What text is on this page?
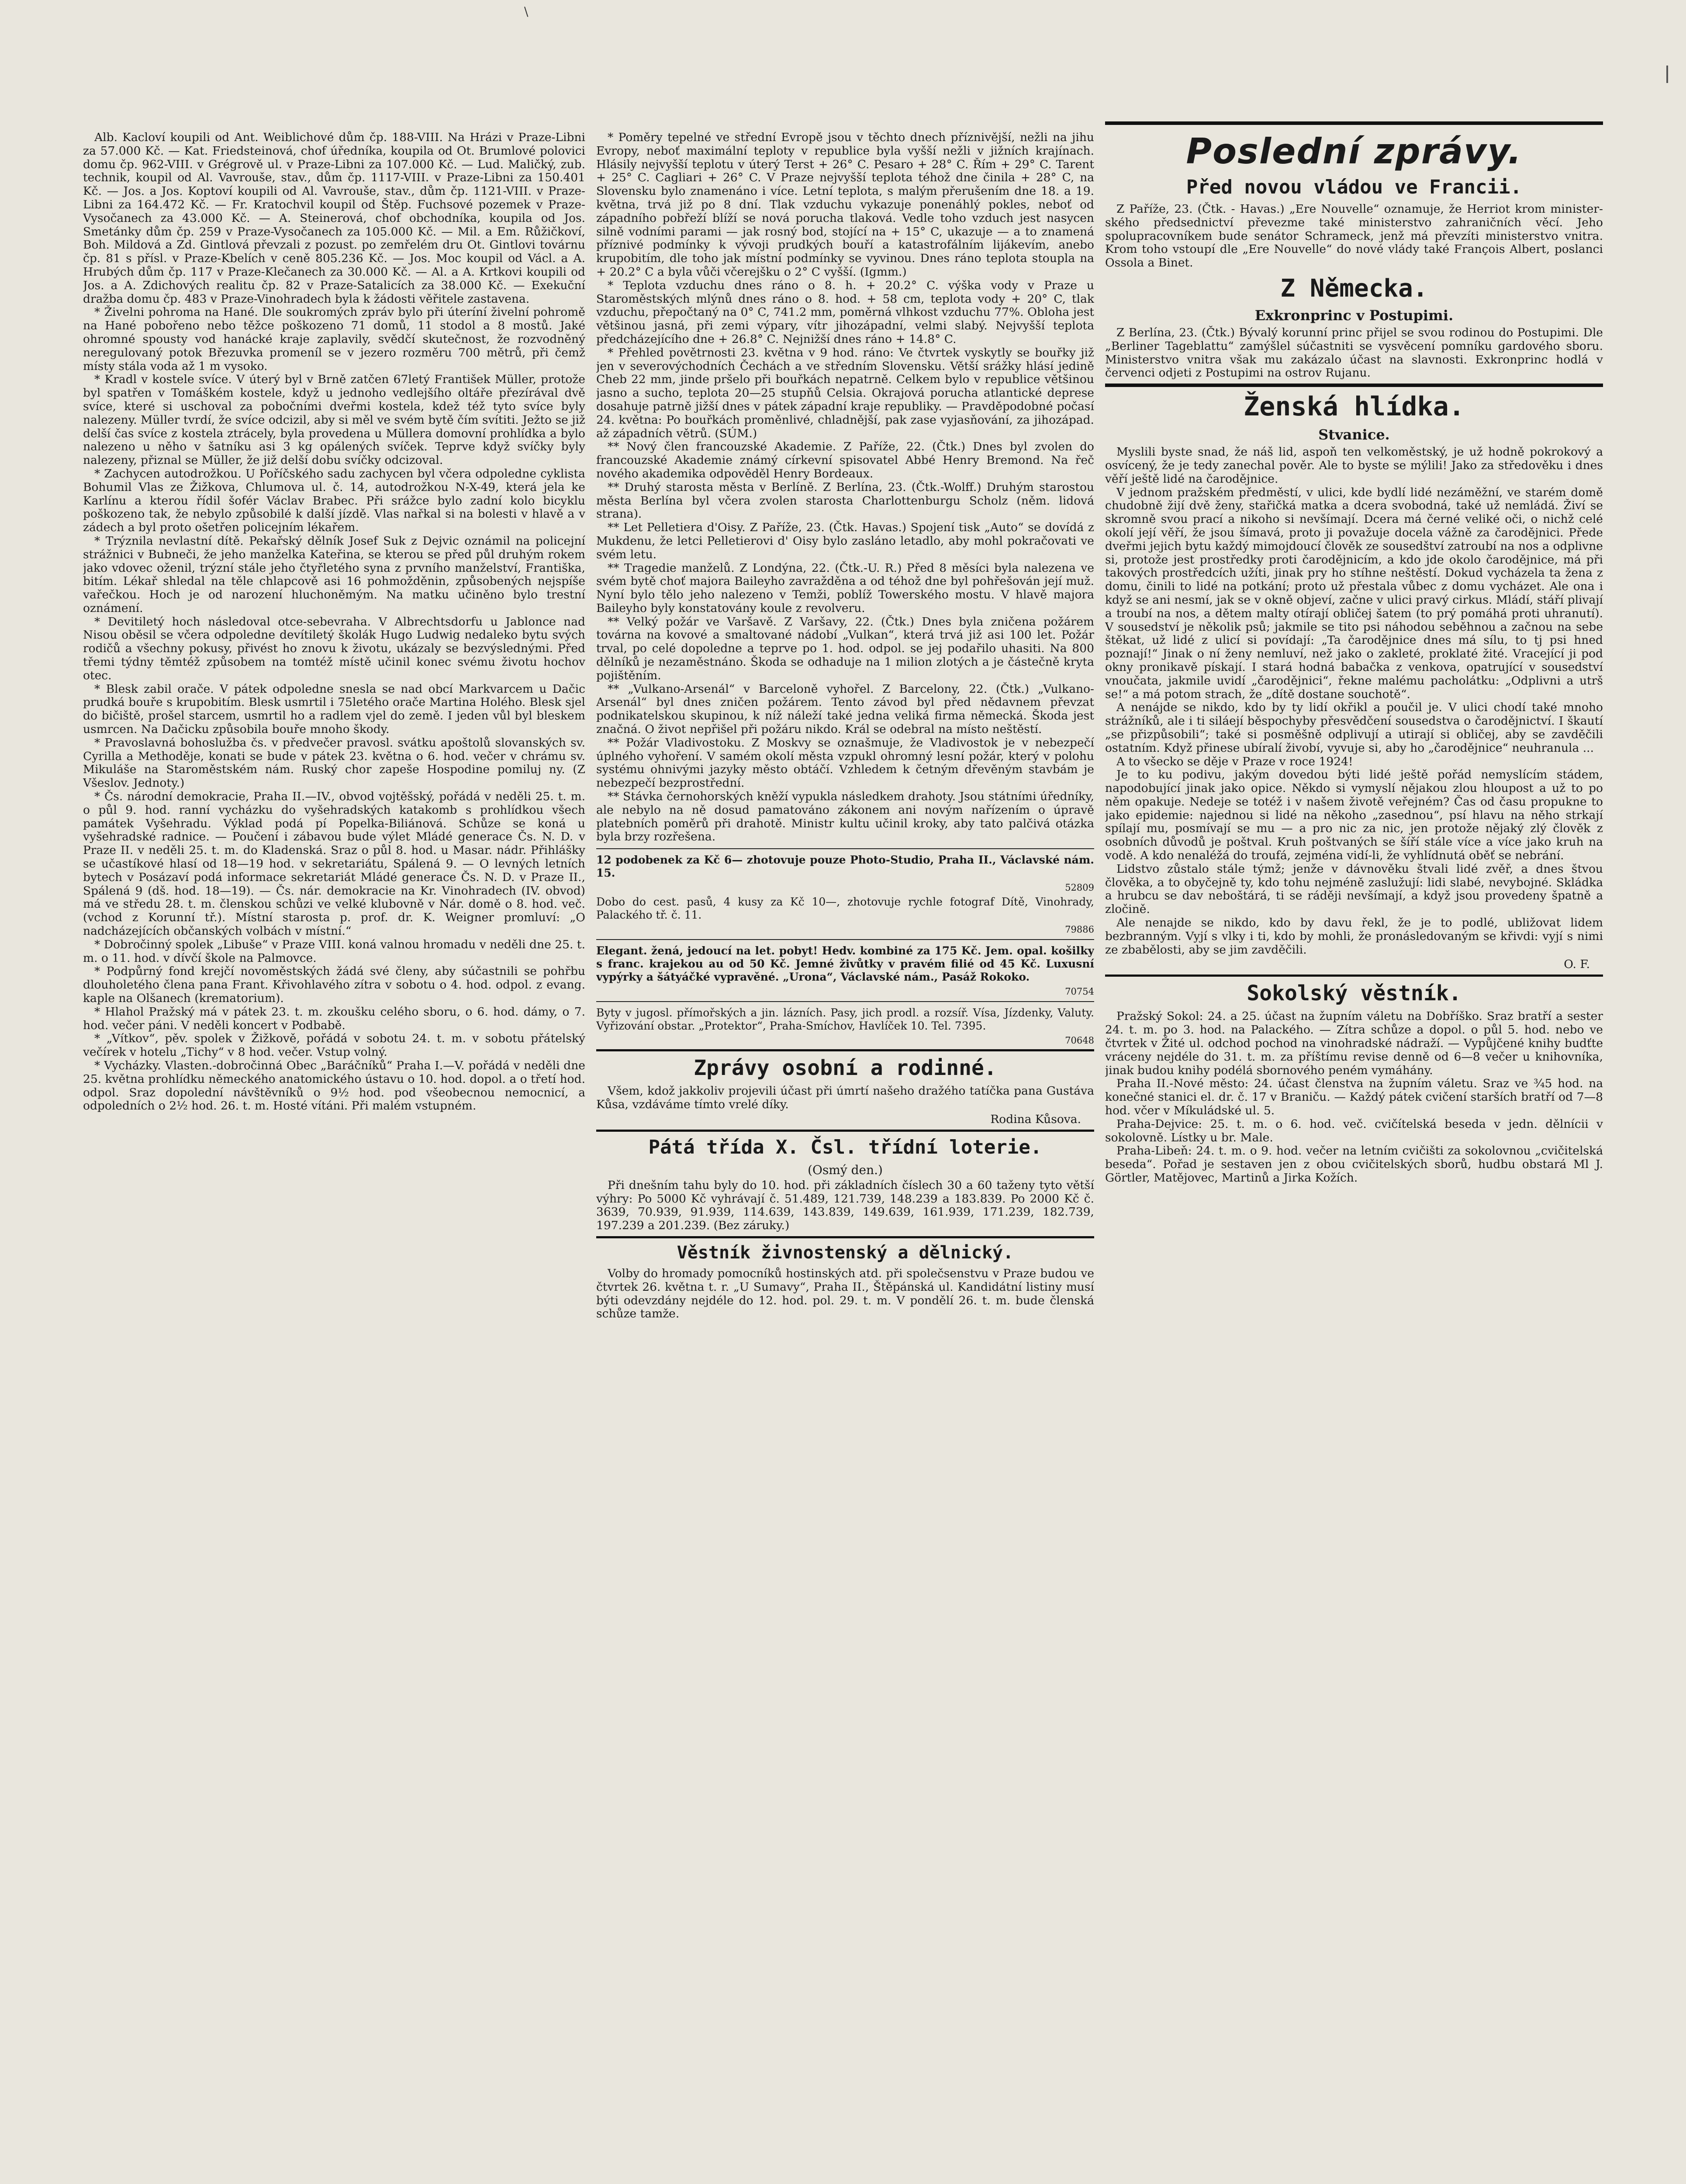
\

Alb. Kacloví koupili od Ant. Weiblichové dům čp. 188-VIII. Na Hrázi v Praze-Libni za 57.000 Kč. — Kat. Friedsteinová, chof úředníka, koupila od Ot. Brumlové polovici domu čp. 962-VIII. v Grégrově ul. v Praze-Libni za 107.000 Kč. — Lud. Maličký, zub. technik, koupil od Al. Vavrouše, stav., dům čp. 1117-VIII. v Praze-Libni za 150.401 Kč. — Jos. a Jos. Koptoví koupili od Al. Vavrouše, stav., dům čp. 1121-VIII. v Praze-Libni za 164.472 Kč. — Fr. Kratochvil koupil od Štěp. Fuchsové pozemek v Praze-Vysočanech za 43.000 Kč. — A. Steinerová, chof obchodníka, koupila od Jos. Smetánky dům čp. 259 v Praze-Vysočanech za 105.000 Kč. — Mil. a Em. Růžičkoví, Boh. Mildová a Zd. Gintlová převzali z pozust. po zemřelém dru Ot. Gintlovi továrnu čp. 81 s přísl. v Praze-Kbelích v ceně 805.236 Kč. — Jos. Moc koupil od Václ. a A. Hrubých dům čp. 117 v Praze-Klečanech za 30.000 Kč. — Al. a A. Krtkovi koupili od Jos. a A. Zdichových realitu čp. 82 v Praze-Satalicích za 38.000 Kč. — Exekuční dražba domu čp. 483 v Praze-Vinohradech byla k žádosti věřitele zastavena.

* Živelni pohroma na Hané. Dle soukromých zpráv bylo při úteríní živelní pohromě na Hané pobořeno nebo těžce poškozeno 71 domů, 11 stodol a 8 mostů. Jaké ohromné spousty vod hanácké kraje zaplavily, svědčí skutečnost, že rozvodněný neregulovaný potok Březuvka promeníl se v jezero rozměru 700 mětrů, při čemž místy stála voda až 1 m vysoko.

* Kradl v kostele svíce. V úterý byl v Brně zatčen 67letý František Müller, protože byl spatřen v Tomáškém kostele, když u jednoho vedlejšího oltáře přezírával dvě svíce, které si uschoval za pobočními dveřmi kostela, kdež též tyto svíce byly nalezeny. Müller tvrdí, že svíce odcizil, aby si měl ve svém bytě čím svítiti. Ježto se již delší čas svíce z kostela ztrácely, byla provedena u Müllera domovní prohlídka a bylo nalezeno u něho v šatníku asi 3 kg opálených svíček. Teprve když svíčky byly nalezeny, přiznal se Müller, že již delší dobu svíčky odcizoval.

* Zachycen autodrožkou. U Poříčského sadu zachycen byl včera odpoledne cyklista Bohumil Vlas ze Žižkova, Chlumova ul. č. 14, autodrožkou N-X-49, která jela ke Karlínu a kterou řídil šofér Václav Brabec. Při srážce bylo zadní kolo bicyklu poškozeno tak, že nebylo způsobilé k další jízdě. Vlas nařkal si na bolesti v hlavě a v zádech a byl proto ošetřen policejním lékařem.

* Trýznila nevlastní dítě. Pekařský dělník Josef Suk z Dejvic oznámil na policejní strážnici v Bubneči, že jeho manželka Kateřina, se kterou se před půl druhým rokem jako vdovec oženil, trýzní stále jeho čtyřletého syna z prvního manželství, Františka, bitím. Lékař shledal na těle chlapcově asi 16 pohmožděnin, způsobených nejspíše vařečkou. Hoch je od narození hluchoněmým. Na matku učiněno bylo trestní oznámení.

* Devitiletý hoch následoval otce-sebevraha. V Albrechtsdorfu u Jablonce nad Nisou oběsil se včera odpoledne devítiletý školák Hugo Ludwig nedaleko bytu svých rodičů a všechny pokusy, přivést ho znovu k životu, ukázaly se bezvýslednými. Před třemi týdny těmtéž způsobem na tomtéž místě učinil konec svému životu hochov otec.

* Blesk zabil orače. V pátek odpoledne snesla se nad obcí Markvarcem u Dačic prudká bouře s krupobitím. Blesk usmrtil i 75letého orače Martina Holého. Blesk sjel do bičiště, prošel starcem, usmrtil ho a radlem vjel do země. I jeden vůl byl bleskem usmrcen. Na Dačicku způsobila bouře mnoho škody.

* Pravoslavná bohoslužba čs. v předvečer pravosl. svátku apoštolů slovanských sv. Cyrilla a Methoděje, konati se bude v pátek 23. května o 6. hod. večer v chrámu sv. Mikuláše na Staroměstském nám. Ruský chor zapeše Hospodine pomiluj ny. (Z Všeslov. Jednoty.)

* Čs. národní demokracie, Praha II.—IV., obvod vojtěšský, pořádá v neděli 25. t. m. o půl 9. hod. ranní vycházku do vyšehradských katakomb s prohlídkou všech památek Vyšehradu. Výklad podá pí Popelka-Biliánová. Schůze se koná u vyšehradské radnice. — Poučení i zábavou bude výlet Mládé generace Čs. N. D. v Praze II. v neděli 25. t. m. do Kladenská. Sraz o půl 8. hod. u Masar. nádr. Přihlášky se učastíkové hlasí od 18—19 hod. v sekretariátu, Spálená 9. — O levných letních bytech v Posázaví podá informace sekretariát Mládé generace Čs. N. D. v Praze II., Spálená 9 (dš. hod. 18—19). — Čs. nár. demokracie na Kr. Vinohradech (IV. obvod) má ve středu 28. t. m. členskou schůzi ve velké klubovně v Nár. domě o 8. hod. več. (vchod z Korunní tř.). Místní starosta p. prof. dr. K. Weigner promluví: „O nadcházejících občanských volbách v místní.“

* Dobročinný spolek „Libuše“ v Praze VIII. koná valnou hromadu v neděli dne 25. t. m. o 11. hod. v dívčí škole na Palmovce.

* Podpůrný fond krejčí novoměstských žádá své členy, aby súčastnili se pohřbu dlouholetého člena pana Frant. Křivohlavého zítra v sobotu o 4. hod. odpol. z evang. kaple na Olšanech (krematorium).

* Hlahol Pražský má v pátek 23. t. m. zkoušku celého sboru, o 6. hod. dámy, o 7. hod. večer páni. V neděli koncert v Podbabě.

* „Vítkov“, pěv. spolek v Žižkově, pořádá v sobotu 24. t. m. v sobotu přátelský večírek v hotelu „Tichy“ v 8 hod. večer. Vstup volný.

* Vycházky. Vlasten.-dobročinná Obec „Baráčníků“ Praha I.—V. pořádá v neděli dne 25. května prohlídku německého anatomického ústavu o 10. hod. dopol. a o třetí hod. odpol. Sraz dopolední návštěvníků o 9½ hod. pod všeobecnou nemocnicí, a odpoledních o 2½ hod. 26. t. m. Hosté vítáni. Při malém vstupném.

* Poměry tepelné ve střední Evropě jsou v těchto dnech příznivější, nežli na jihu Evropy, neboť maximální teploty v republice byla vyšší nežli v jižních krajínach. Hlásily nejvyšší teplotu v úterý Terst + 26° C. Pesaro + 28° C. Řím + 29° C. Tarent + 25° C. Cagliari + 26° C. V Praze nejvyšší teplota téhož dne činila + 28° C, na Slovensku bylo znamenáno i více. Letní teplota, s malým přerušením dne 18. a 19. května, trvá již po 8 dní. Tlak vzduchu vykazuje ponenáhlý pokles, neboť od západního pobřeží blíží se nová porucha tlaková. Vedle toho vzduch jest nasycen silně vodními parami — jak rosný bod, stojící na + 15° C, ukazuje — a to znamená příznivé podmínky k vývoji prudkých bouří a katastrofálním lijákevím, anebo krupobitím, dle toho jak místní podmínky se vyvinou. Dnes ráno teplota stoupla na + 20.2° C a byla vůči včerejšku o 2° C vyšší. (Igmm.)

* Teplota vzduchu dnes ráno o 8. h. + 20.2° C. výška vody v Praze u Staroměstských mlýnů dnes ráno o 8. hod. + 58 cm, teplota vody + 20° C, tlak vzduchu, přepočtaný na 0° C, 741.2 mm, poměrná vlhkost vzduchu 77%. Obloha jest většinou jasná, při zemi výpary, vítr jihozápadní, velmi slabý. Nejvyšší teplota předcházejícího dne + 26.8° C. Nejnižší dnes ráno + 14.8° C.

* Přehled povětrnosti 23. května v 9 hod. ráno: Ve čtvrtek vyskytly se bouřky již jen v severovýchodních Čechách a ve středním Slovensku. Větší srážky hlásí jedině Cheb 22 mm, jinde pršelo při bouřkách nepatrně. Celkem bylo v republice většinou jasno a sucho, teplota 20—25 stupňů Celsia. Okrajová porucha atlantické deprese dosahuje patrně jižší dnes v pátek západní kraje republiky. — Pravděpodobné počasí 24. května: Po bouřkách proměnlivé, chladnější, pak zase vyjasňování, za jihozápad. až západních větrů. (SÚM.)

** Nový člen francouzské Akademie. Z Paříže, 22. (Čtk.) Dnes byl zvolen do francouzské Akademie známý církevní spisovatel Abbé Henry Bremond. Na řeč nového akademika odpověděl Henry Bordeaux.

** Druhý starosta města v Berlíně. Z Berlína, 23. (Čtk.-Wolff.) Druhým starostou města Berlína byl včera zvolen starosta Charlottenburgu Scholz (něm. lidová strana).

** Let Pelletiera d'Oisy. Z Paříže, 23. (Čtk. Havas.) Spojení tisk „Auto“ se dovídá z Mukdenu, že letci Pelletierovi d' Oisy bylo zasláno letadlo, aby mohl pokračovati ve svém letu.

** Tragedie manželů. Z Londýna, 22. (Čtk.-U. R.) Před 8 měsíci byla nalezena ve svém bytě choť majora Baileyho zavražděna a od téhož dne byl pohřešován její muž. Nyní bylo tělo jeho nalezeno v Temži, poblíž Towerského mostu. V hlavě majora Baileyho byly konstatovány koule z revolveru.

** Velký požár ve Varšavě. Z Varšavy, 22. (Čtk.) Dnes byla zničena požárem továrna na kovové a smaltované nádobí „Vulkan“, která trvá již asi 100 let. Požár trval, po celé dopoledne a teprve po 1. hod. odpol. se jej podařilo uhasiti. Na 800 dělníků je nezaměstnáno. Škoda se odhaduje na 1 milion zlotých a je částečně kryta pojištěním.

** „Vulkano-Arsenál“ v Barceloně vyhořel. Z Barcelony, 22. (Čtk.) „Vulkano-Arsenál“ byl dnes zničen požárem. Tento závod byl před nědavnem převzat podnikatelskou skupinou, k níž náleží také jedna veliká firma německá. Škoda jest značná. O život nepřišel při požáru nikdo. Král se odebral na místo neštěstí.

** Požár Vladivostoku. Z Moskvy se oznašmuje, že Vladivostok je v nebezpečí úplného vyhoření. V samém okolí města vzpukl ohromný lesní požár, který v polohu systému ohnivými jazyky město obtáčí. Vzhledem k četným dřevěným stavbám je nebezpečí bezprostřední.

** Stávka černohorských kněží vypukla následkem drahoty. Jsou státními úředníky, ale nebylo na ně dosud pamatováno zákonem ani novým nařízením o úpravě platebních poměrů při drahotě. Ministr kultu učinil kroky, aby tato palčivá otázka byla brzy rozřešena.

12 podobenek za Kč 6— zhotovuje pouze Photo-Studio, Praha II., Václavské nám. 15.

52809

Dobo do cest. pasů, 4 kusy za Kč 10—, zhotovuje rychle fotograf Dítě, Vinohrady, Palackého tř. č. 11.

79886

Elegant. žená, jedoucí na let. pobyt! Hedv. kombiné za 175 Kč. Jem. opal. košilky s franc. krajekou au od 50 Kč. Jemné živůtky v pravém filié od 45 Kč. Luxusní vypýrky a šátyáčké vypravěné. „Urona“, Václavské nám., Pasáž Rokoko.

70754

Byty v jugosl. přímořských a jin. lázních. Pasy, jich prodl. a rozsíř. Vísa, Jízdenky, Valuty. Vyřizování obstar. „Protektor“, Praha-Smíchov, Havlíček 10. Tel. 7395.

70648

Zprávy osobní a rodinné.

Všem, kdož jakkoliv projevili účast při úmrtí našeho dražého tatíčka pana Gustáva Kůsa, vzdáváme tímto vrelé díky.

Rodina Kůsova.

Pátá třída X. Čsl. třídní loterie.
(Osmý den.)

Při dnešním tahu byly do 10. hod. při základních číslech 30 a 60 taženy tyto větší výhry: Po 5000 Kč vyhrávají č. 51.489, 121.739, 148.239 a 183.839. Po 2000 Kč č. 3639, 70.939, 91.939, 114.639, 143.839, 149.639, 161.939, 171.239, 182.739, 197.239 a 201.239. (Bez záruky.)

Věstník živnostenský a dělnický.

Volby do hromady pomocníků hostinských atd. při společsenstvu v Praze budou ve čtvrtek 26. května t. r. „U Sumavy“, Praha II., Štěpánská ul. Kandidátní listiny musí býti odevzdány nejdéle do 12. hod. pol. 29. t. m. V pondělí 26. t. m. bude členská schůze tamže.

Poslední zprávy.
Před novou vládou ve Francii.

Z Paříže, 23. (Čtk. - Havas.) „Ere Nouvelle“ oznamuje, že Herriot krom ministerského předsednictví převezme také ministerstvo zahraničních věcí. Jeho spolupracovníkem bude senátor Schrameck, jenž má převzíti ministerstvo vnitra. Krom toho vstoupí dle „Ere Nouvelle“ do nové vlády také François Albert, poslanci Ossola a Binet.

Z Německa.
Exkronprinc v Postupimi.

Z Berlína, 23. (Čtk.) Bývalý korunní princ přijel se svou rodinou do Postupimi. Dle „Berliner Tageblattu“ zamýšlel súčastniti se vysvěcení pomníku gardového sboru. Ministerstvo vnitra však mu zakázalo účast na slavnosti. Exkronprinc hodlá v červenci odjeti z Postupimi na ostrov Rujanu.

Ženská hlídka.
Stvanice.

Myslili byste snad, že náš lid, aspoň ten velkoměstský, je už hodně pokrokový a osvícený, že je tedy zanechal pověr. Ale to byste se mýlili! Jako za středověku i dnes věří ještě lidé na čarodějnice.

V jednom pražském předměstí, v ulici, kde bydlí lidé nezáměžní, ve starém domě chudobně žijí dvě ženy, stařičká matka a dcera svobodná, také už nemládá. Živí se skromně svou prací a nikoho si nevšímají. Dcera má černé veliké oči, o nichž celé okolí její věří, že jsou šímavá, proto ji považuje docela vážně za čarodějnici. Přede dveřmi jejich bytu každý mimojdoucí člověk ze sousedštví zatroubí na nos a odplivne si, protože jest prostředky proti čarodějnicím, a kdo jde okolo čarodějnice, má při takových prostředcích užíti, jinak pry ho stíhne neštěstí. Dokud vycházela ta žena z domu, činili to lidé na potkání; proto už přestala vůbec z domu vycházet. Ale ona i když se ani nesmí, jak se v okně objeví, začne v ulici pravý cirkus. Mládí, stáří plivají a troubí na nos, a dětem malty otírají obličej šatem (to prý pomáhá proti uhranutí). V sousedství je několik psů; jakmile se tito psi náhodou seběhnou a začnou na sebe štěkat, už lidé z ulicí si povídají: „Ta čarodějnice dnes má sílu, to tj psi hned poznají!“ Jinak o ní ženy nemluví, než jako o zakleté, proklaté žité. Vracející ji pod okny pronikavě pískají. I stará hodná babačka z venkova, opatrující v sousedství vnoučata, jakmile uvidí „čarodějnici“, řekne malému pacholátku: „Odplivni a utrš se!“ a má potom strach, že „dítě dostane souchotě“.

A nenájde se nikdo, kdo by ty lidí okřikl a poučil je. V ulici chodí také mnoho strážníků, ale i ti siláejí běspochyby přesvědčení sousedstva o čarodějnictví. I škautí „se přizpůsobili“; také si posměšně odplivují a utirají si obličej, aby se zavděčili ostatním. Když přinese ubíralí živobí, vyvuje si, aby ho „čarodějnice“ neuhranula ...

A to všecko se děje v Praze v roce 1924!

Je to ku podivu, jakým dovedou býti lidé ještě pořád nemyslícím stádem, napodobující jinak jako opice. Někdo si vymyslí nějakou zlou hloupost a už to po něm opakuje. Nedeje se totéž i v našem životě veřejném? Čas od času propukne to jako epidemie: najednou si lidé na někoho „zasednou“, psí hlavu na něho strkají spílají mu, posmívají se mu — a pro nic za nic, jen protože nějaký zlý člověk z osobních důvodů je poštval. Kruh poštvaných se šíří stále více a více jako kruh na vodě. A kdo nenaléžá do troufá, zejména vidí-li, že vyhlídnutá oběť se nebrání.

Lidstvo zůstalo stále týmž; jenže v dávnověku štvali lidé zvěř, a dnes štvou člověka, a to obyčejně ty, kdo tohu nejméně zaslužují: lidi slabé, nevybojné. Skládka a hrubcu se dav neboštárá, ti se ráději nevšímají, a když jsou provedeny špatně a zločině.

Ale nenajde se nikdo, kdo by davu řekl, že je to podlé, ubližovat lidem bezbranným. Vyjí s vlky i ti, kdo by mohli, že pronásledovaným se křivdi: vyjí s nimi ze zbabělosti, aby se jim zavděčili.

O. F.

Sokolský věstník.

Pražský Sokol: 24. a 25. účast na župním váletu na Dobříško. Sraz bratří a sester 24. t. m. po 3. hod. na Palackého. — Zítra schůze a dopol. o půl 5. hod. nebo ve čtvrtek v Žité ul. odchod pochod na vinohradské nádraží. — Vypůjčené knihy budťte vráceny nejdéle do 31. t. m. za příštímu revise denně od 6—8 večer u knihovníka, jinak budou knihy podélá sbornového peném vymáhány.

Praha II.-Nové město: 24. účast členstva na župním váletu. Sraz ve ¾5 hod. na konečné stanici el. dr. č. 17 v Braniču. — Každý pátek cvičení starších bratří od 7—8 hod. včer v Míkuládské ul. 5.

Praha-Dejvice: 25. t. m. o 6. hod. več. cvičítelská beseda v jedn. dělnícii v sokolovně. Lístky u br. Male.

Praha-Libeň: 24. t. m. o 9. hod. večer na letním cvičišti za sokolovnou „cvičitelská beseda“. Pořad je sestaven jen z obou cvičitelských sborů, hudbu obstará Ml J. Görtler, Matějovec, Martinů a Jirka Kožích.
